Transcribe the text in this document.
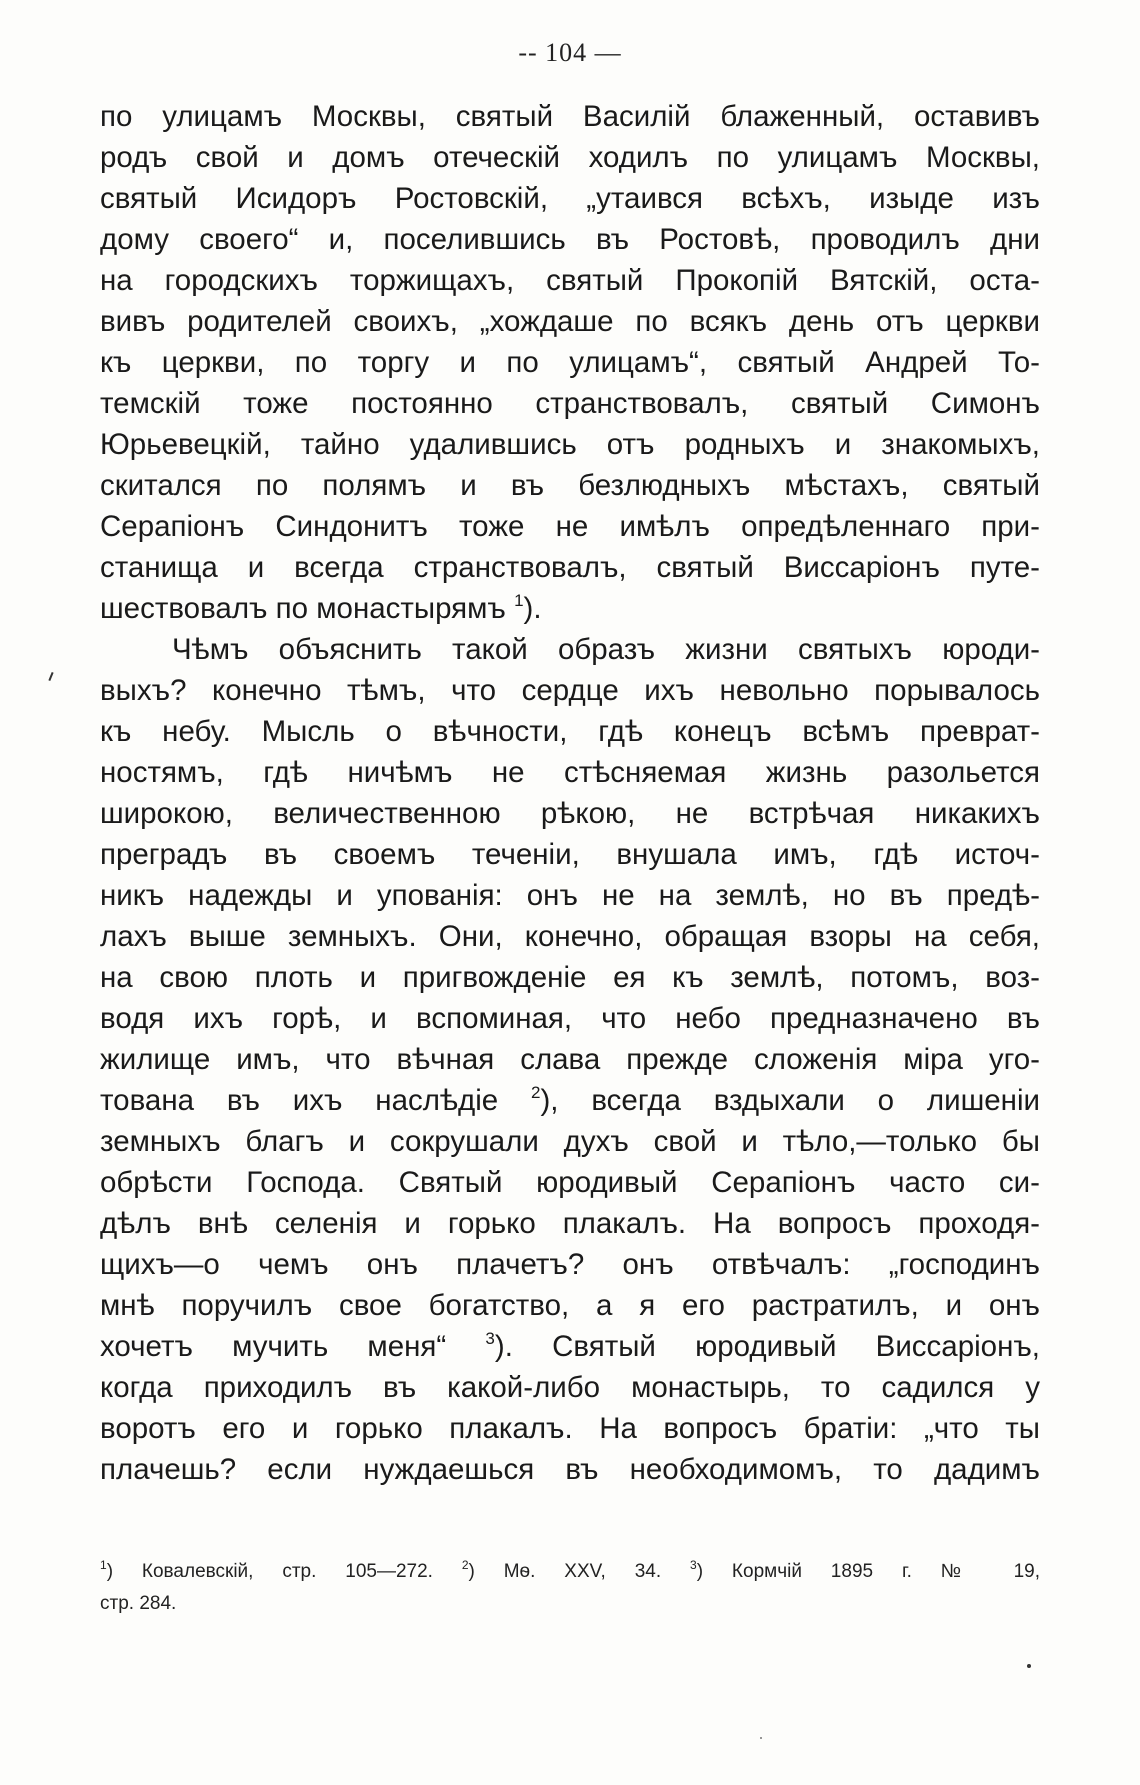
-- 104 —
по улицамъ Москвы, святый Василій блаженный, оставивъ
родъ свой и домъ отеческій ходилъ по улицамъ Москвы,
святый Исидоръ Ростовскій, „утаився всѣхъ, изыде изъ
дому своего“ и, поселившись въ Ростовѣ, проводилъ дни
на городскихъ торжищахъ, святый Прокопій Вятскій, оста-
вивъ родителей своихъ, „хождаше по всякъ день отъ церкви
къ церкви, по торгу и по улицамъ“, святый Андрей То-
темскій тоже постоянно странствовалъ, святый Симонъ
Юрьевецкій, тайно удалившись отъ родныхъ и знакомыхъ,
скитался по полямъ и въ безлюдныхъ мѣстахъ, святый
Серапіонъ Синдонитъ тоже не имѣлъ опредѣленнаго при-
станища и всегда странствовалъ, святый Виссаріонъ путе-
шествовалъ по монастырямъ $^1$).
Чѣмъ объяснить такой образъ жизни святыхъ юроди-
выхъ? конечно тѣмъ, что сердце ихъ невольно порывалось
къ небу. Мысль о вѣчности, гдѣ конецъ всѣмъ преврат-
ностямъ, гдѣ ничѣмъ не стѣсняемая жизнь разольется
широкою, величественною рѣкою, не встрѣчая никакихъ
преградъ въ своемъ теченіи, внушала имъ, гдѣ источ-
никъ надежды и упованія: онъ не на землѣ, но въ предѣ-
лахъ выше земныхъ. Они, конечно, обращая взоры на себя,
на свою плоть и пригвожденіе ея къ землѣ, потомъ, воз-
водя ихъ горѣ, и вспоминая, что небо предназначено въ
жилище имъ, что вѣчная слава прежде сложенія міра уго-
тована въ ихъ наслѣдіе $^2$), всегда вздыхали о лишеніи
земныхъ благъ и сокрушали духъ свой и тѣло,—только бы
обрѣсти Господа. Святый юродивый Серапіонъ часто си-
дѣлъ внѣ селенія и горько плакалъ. На вопросъ проходя-
щихъ—о чемъ онъ плачетъ? онъ отвѣчалъ: „господинъ
мнѣ поручилъ свое богатство, а я его растратилъ, и онъ
хочетъ мучить меня“ $^3$). Святый юродивый Виссаріонъ,
когда приходилъ въ какой-либо монастырь, то садился у
воротъ его и горько плакалъ. На вопросъ братіи: „что ты
плачешь? если нуждаешься въ необходимомъ, то дадимъ
$^1$) Ковалевскій, стр. 105—272. $^2$) Мѳ. XXV, 34. $^3$) Кормчій 1895 г. № 19,
стр. 284.
